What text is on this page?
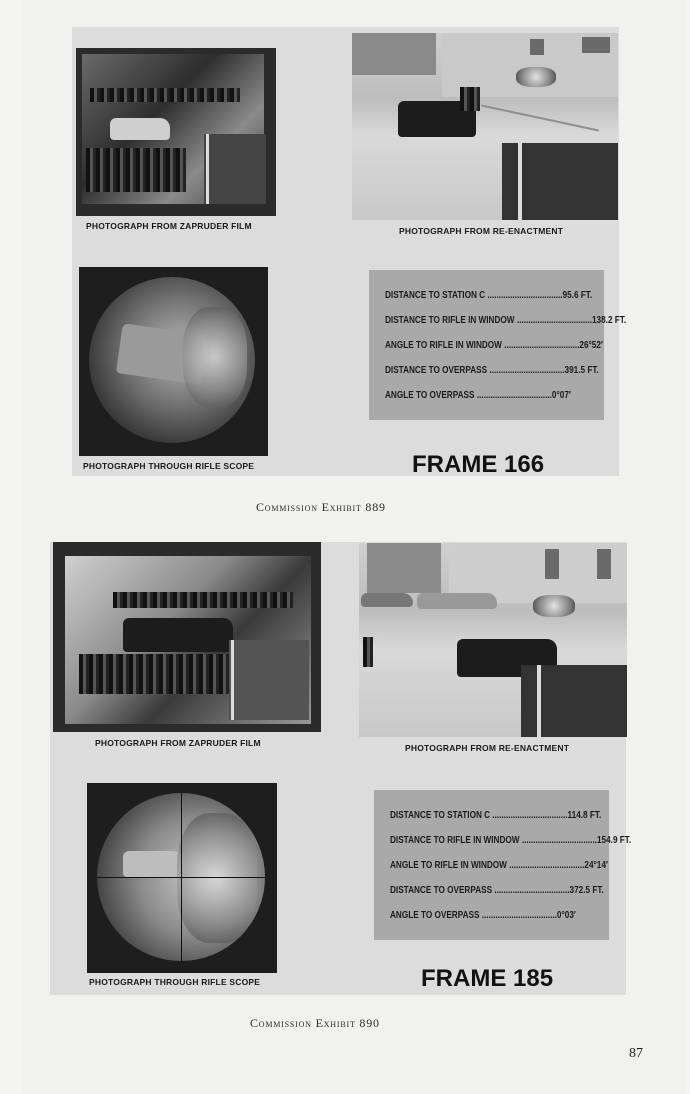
PHOTOGRAPH FROM ZAPRUDER FILM	PHOTOGRAPH FROM RE-ENACTMENT
PHOTOGRAPH THROUGH RIFLE SCOPE
DISTANCE TO STATION C ................................. 95.6 FT.
DISTANCE TO RIFLE IN WINDOW ................................. 138.2 FT.
ANGLE TO RIFLE IN WINDOW ................................. 26°52′
DISTANCE TO OVERPASS ................................. 391.5 FT.
ANGLE TO OVERPASS ................................. 0°07′
FRAME 166
Commission Exhibit 889
PHOTOGRAPH FROM ZAPRUDER FILM	PHOTOGRAPH FROM RE-ENACTMENT
PHOTOGRAPH THROUGH RIFLE SCOPE
DISTANCE TO STATION C ................................. 114.8 FT.
DISTANCE TO RIFLE IN WINDOW ................................. 154.9 FT.
ANGLE TO RIFLE IN WINDOW ................................. 24°14′
DISTANCE TO OVERPASS ................................. 372.5 FT.
ANGLE TO OVERPASS ................................. 0°03′
FRAME 185
Commission Exhibit 890
87
